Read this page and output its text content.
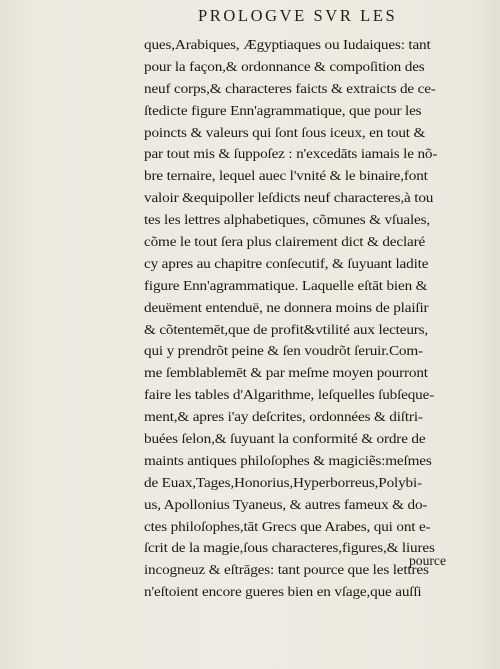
PROLOGVE SVR LES
ques,Arabiques, Ægyptiaques ou Iudaiques: tant
pour la façon,& ordonnance & compoſition des
neuf corps,& characteres faicts & extraicts de ce-
ſtedicte figure Enn'agrammatique, que pour les
poincts & valeurs qui ſont ſous iceux, en tout &
par tout mis & ſuppoſez : n'excedāts iamais le nõ-
bre ternaire, lequel auec l'vnité & le binaire,font
valoir &equipoller leſdicts neuf characteres,à tou
tes les lettres alphabetiques, cõmunes & vſuales,
cõme le tout ſera plus clairement dict & declaré
cy apres au chapitre conſecutif, & ſuyuant ladite
figure Enn'agrammatique. Laquelle eſtāt bien &
deuëment entenduë, ne donnera moins de plaiſir
& cõtentemēt,que de profit&vtilité aux lecteurs,
qui y prendrõt peine & ſen voudrõt ſeruir.Com-
me ſemblablemēt & par meſme moyen pourront
faire les tables d'Algarithme, leſquelles ſubſeque-
ment,& apres i'ay deſcrites, ordonnées & diſtri-
buées ſelon,& ſuyuant la conformité & ordre de
maints antiques philoſophes & magiciẽs:meſmes
de Euax,Tages,Honorius,Hyperborreus,Polybi-
us, Apollonius Tyaneus, & autres fameux & do-
ctes philoſophes,tāt Grecs que Arabes, qui ont e-
ſcrit de la magie,ſous characteres,figures,& liures
incogneuz & eſtrāges: tant pource que les lettres
n'eſtoient encore gueres bien en vſage,que auſſi
pource
